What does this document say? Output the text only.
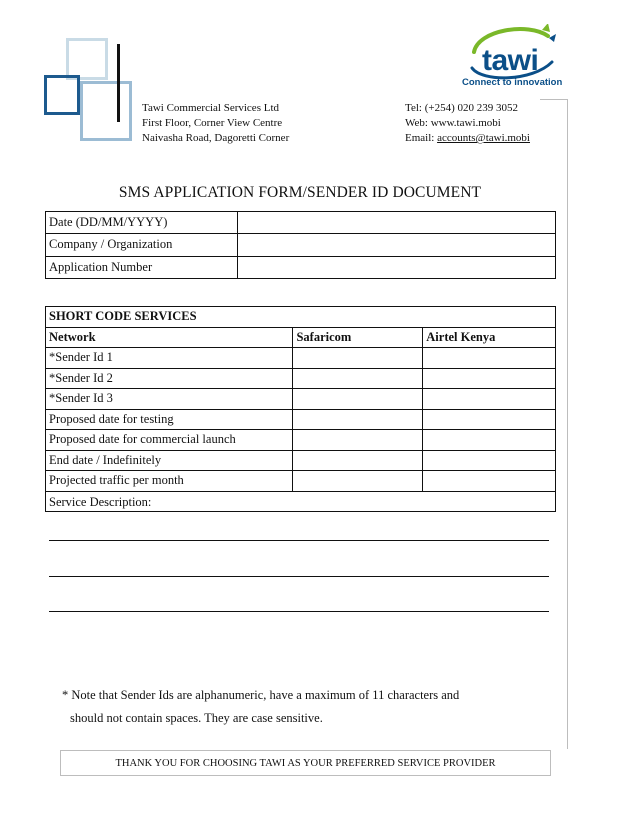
tawi
Connect to innovation
Tawi Commercial Services Ltd
First Floor, Corner View Centre
Naivasha Road, Dagoretti Corner
Tel: (+254) 020 239 3052
Web: www.tawi.mobi
Email: accounts@tawi.mobi
SMS APPLICATION FORM/SENDER ID DOCUMENT
Date (DD/MM/YYYY)	
Company / Organization	
Application Number	
SHORT CODE SERVICES		
Network	Safaricom	Airtel Kenya
*Sender Id 1		
*Sender Id 2		
*Sender Id 3		
Proposed date for testing		
Proposed date for commercial launch		
End date / Indefinitely		
Projected traffic per month		
Service Description:		
* Note that Sender Ids are alphanumeric, have a maximum of 11 characters and
should not contain spaces. They are case sensitive.
THANK YOU FOR CHOOSING TAWI AS YOUR PREFERRED SERVICE PROVIDER
